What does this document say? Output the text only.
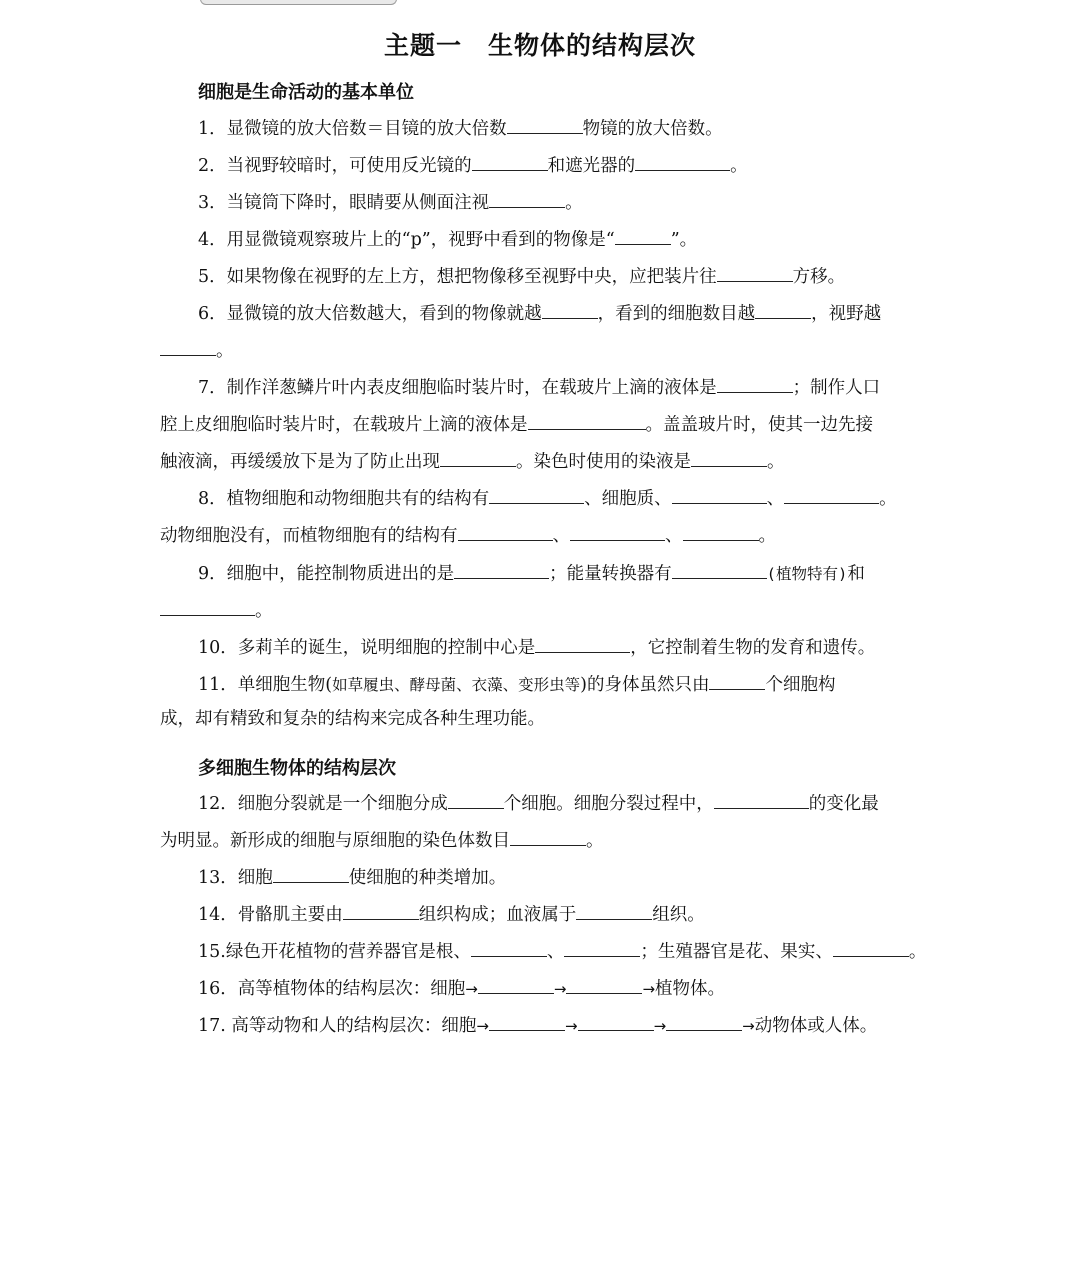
主题一　生物体的结构层次
细胞是生命活动的基本单位
1．显微镜的放大倍数＝目镜的放大倍数	物镜的放大倍数。
2．当视野较暗时，可使用反光镜的	和遮光器的	。
3．当镜筒下降时，眼睛要从侧面注视	。
4．用显微镜观察玻片上的“p”，视野中看到的物像是“	”。
5．如果物像在视野的左上方，想把物像移至视野中央，应把装片往	方移。
6．显微镜的放大倍数越大，看到的物像就越	，看到的细胞数目越	，视野越
。
7．制作洋葱鳞片叶内表皮细胞临时装片时，在载玻片上滴的液体是	；制作人口
腔上皮细胞临时装片时，在载玻片上滴的液体是	。盖盖玻片时，使其一边先接
触液滴，再缓缓放下是为了防止出现	。染色时使用的染液是	。
8．植物细胞和动物细胞共有的结构有	、细胞质、	、	。
动物细胞没有，而植物细胞有的结构有	、	、	。
9．细胞中，能控制物质进出的是	；能量转换器有	(植物特有)和
。
10．多莉羊的诞生，说明细胞的控制中心是	，它控制着生物的发育和遗传。
11．单细胞生物(如草履虫、酵母菌、衣藻、变形虫等)的身体虽然只由	个细胞构
成，却有精致和复杂的结构来完成各种生理功能。
多细胞生物体的结构层次
12．细胞分裂就是一个细胞分成	个细胞。细胞分裂过程中，	的变化最
为明显。新形成的细胞与原细胞的染色体数目	。
13．细胞	使细胞的种类增加。
14．骨骼肌主要由	组织构成；血液属于	组织。
15.绿色开花植物的营养器官是根、	、	；生殖器官是花、果实、	。
16．高等植物体的结构层次：细胞→	→	→植物体。
17. 高等动物和人的结构层次：细胞→	→	→	→动物体或人体。
